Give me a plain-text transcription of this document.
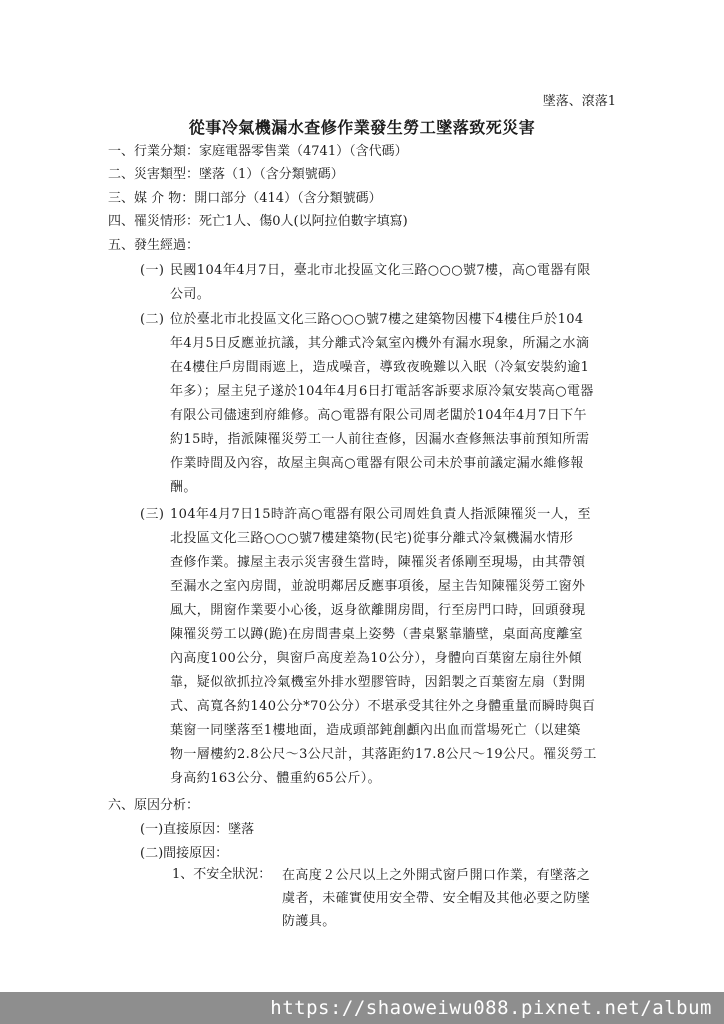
墜落、滾落1
從事冷氣機漏水查修作業發生勞工墜落致死災害
一、行業分類：家庭電器零售業（4741）（含代碼）
二、災害類型：墜落（1）（含分類號碼）
三、媒 介 物：開口部分（414）（含分類號碼）
四、罹災情形：死亡1人、傷0人(以阿拉伯數字填寫)
五、發生經過：
(一) 民國104年4月7日，臺北市北投區文化三路○○○號7樓，高○電器有限
公司。
(二) 位於臺北市北投區文化三路○○○號7樓之建築物因樓下4樓住戶於104
年4月5日反應並抗議，其分離式冷氣室內機外有漏水現象，所漏之水滴
在4樓住戶房間雨遮上，造成噪音，導致夜晚難以入眠（冷氣安裝約逾1
年多）；屋主兒子遂於104年4月6日打電話客訴要求原冷氣安裝高○電器
有限公司儘速到府維修。高○電器有限公司周老闆於104年4月7日下午
約15時，指派陳罹災勞工一人前往查修，因漏水查修無法事前預知所需
作業時間及內容，故屋主與高○電器有限公司未於事前議定漏水維修報
酬。
(三) 104年4月7日15時許高○電器有限公司周姓負責人指派陳罹災一人，至
北投區文化三路○○○號7樓建築物(民宅)從事分離式冷氣機漏水情形
查修作業。據屋主表示災害發生當時，陳罹災者係剛至現場，由其帶領
至漏水之室內房間，並說明鄰居反應事項後，屋主告知陳罹災勞工窗外
風大，開窗作業要小心後，返身欲離開房間，行至房門口時，回頭發現
陳罹災勞工以蹲(跪)在房間書桌上姿勢（書桌緊靠牆壁，桌面高度離室
內高度100公分，與窗戶高度差為10公分），身體向百葉窗左扇往外傾
靠，疑似欲抓拉冷氣機室外排水塑膠管時，因鋁製之百葉窗左扇（對開
式、高寬各約140公分*70公分）不堪承受其往外之身體重量而瞬時與百
葉窗一同墜落至1樓地面，造成頭部鈍創顱內出血而當場死亡（以建築
物一層樓約2.8公尺～3公尺計，其落距約17.8公尺～19公尺。罹災勞工
身高約163公分、體重約65公斤）。
六、原因分析：
(一)直接原因：墜落
(二)間接原因：
1、不安全狀況： 在高度２公尺以上之外開式窗戶開口作業，有墜落之
虞者，未確實使用安全帶、安全帽及其他必要之防墜
防護具。
https://shaoweiwu088.pixnet.net/album
